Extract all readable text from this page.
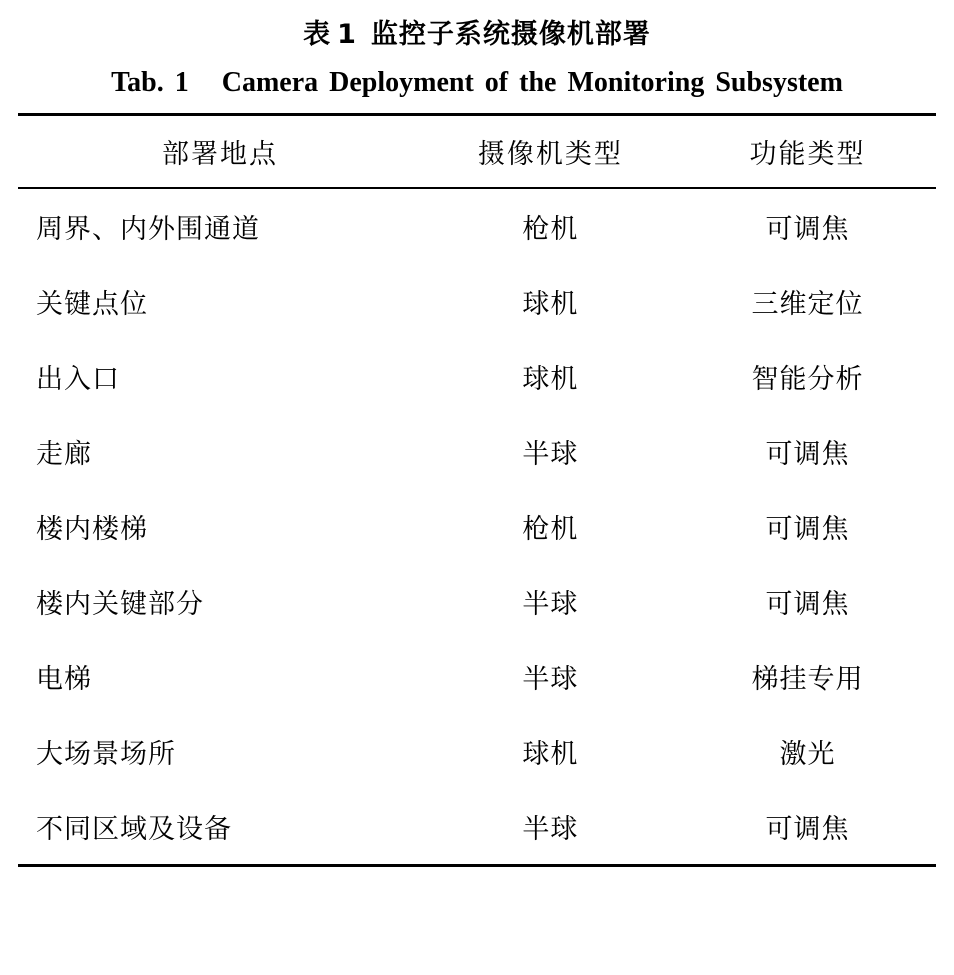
表 1 监控子系统摄像机部署
Tab. 1 Camera Deployment of the Monitoring Subsystem
部署地点	摄像机类型	功能类型
周界、内外围通道	枪机	可调焦
关键点位	球机	三维定位
出入口	球机	智能分析
走廊	半球	可调焦
楼内楼梯	枪机	可调焦
楼内关键部分	半球	可调焦
电梯	半球	梯挂专用
大场景场所	球机	激光
不同区域及设备	半球	可调焦
